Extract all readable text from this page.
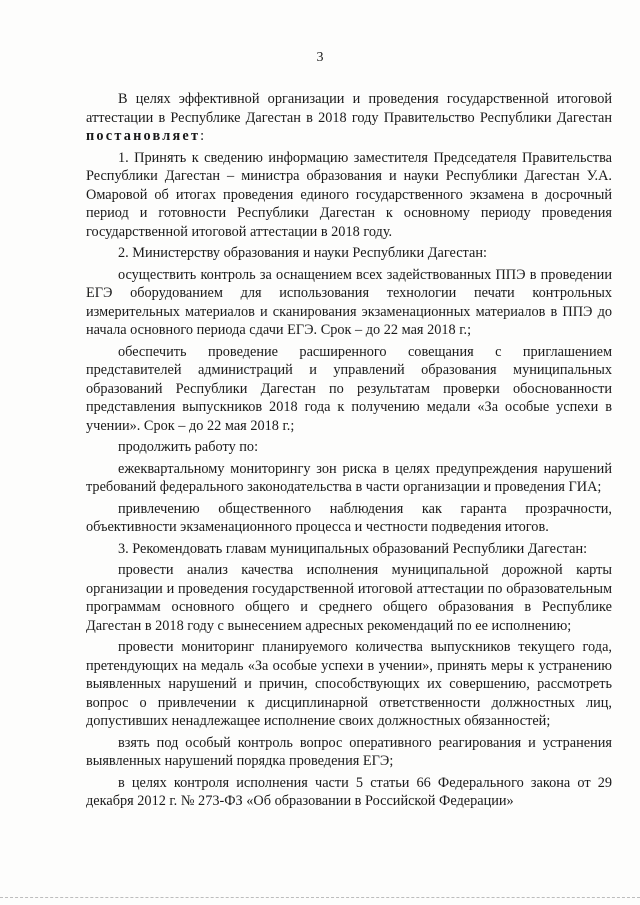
3

В целях эффективной организации и проведения государственной итоговой аттестации в Республике Дагестан в 2018 году Правительство Республики Дагестан постановляет:

1. Принять к сведению информацию заместителя Председателя Правительства Республики Дагестан – министра образования и науки Республики Дагестан У.А. Омаровой об итогах проведения единого государственного экзамена в досрочный период и готовности Республики Дагестан к основному периоду проведения государственной итоговой аттестации в 2018 году.

2. Министерству образования и науки Республики Дагестан:

осуществить контроль за оснащением всех задействованных ППЭ в проведении ЕГЭ оборудованием для использования технологии печати контрольных измерительных материалов и сканирования экзаменационных материалов в ППЭ до начала основного периода сдачи ЕГЭ. Срок – до 22 мая 2018 г.;

обеспечить проведение расширенного совещания с приглашением представителей администраций и управлений образования муниципальных образований Республики Дагестан по результатам проверки обоснованности представления выпускников 2018 года к получению медали «За особые успехи в учении». Срок – до 22 мая 2018 г.;

продолжить работу по:

ежеквартальному мониторингу зон риска в целях предупреждения нарушений требований федерального законодательства в части организации и проведения ГИА;

привлечению общественного наблюдения как гаранта прозрачности, объективности экзаменационного процесса и честности подведения итогов.

3. Рекомендовать главам муниципальных образований Республики Дагестан:

провести анализ качества исполнения муниципальной дорожной карты организации и проведения государственной итоговой аттестации по образовательным программам основного общего и среднего общего образования в Республике Дагестан в 2018 году с вынесением адресных рекомендаций по ее исполнению;

провести мониторинг планируемого количества выпускников текущего года, претендующих на медаль «За особые успехи в учении», принять меры к устранению выявленных нарушений и причин, способствующих их совершению, рассмотреть вопрос о привлечении к дисциплинарной ответственности должностных лиц, допустивших ненадлежащее исполнение своих должностных обязанностей;

взять под особый контроль вопрос оперативного реагирования и устранения выявленных нарушений порядка проведения ЕГЭ;

в целях контроля исполнения части 5 статьи 66 Федерального закона от 29 декабря 2012 г. № 273-ФЗ «Об образовании в Российской Федерации»
